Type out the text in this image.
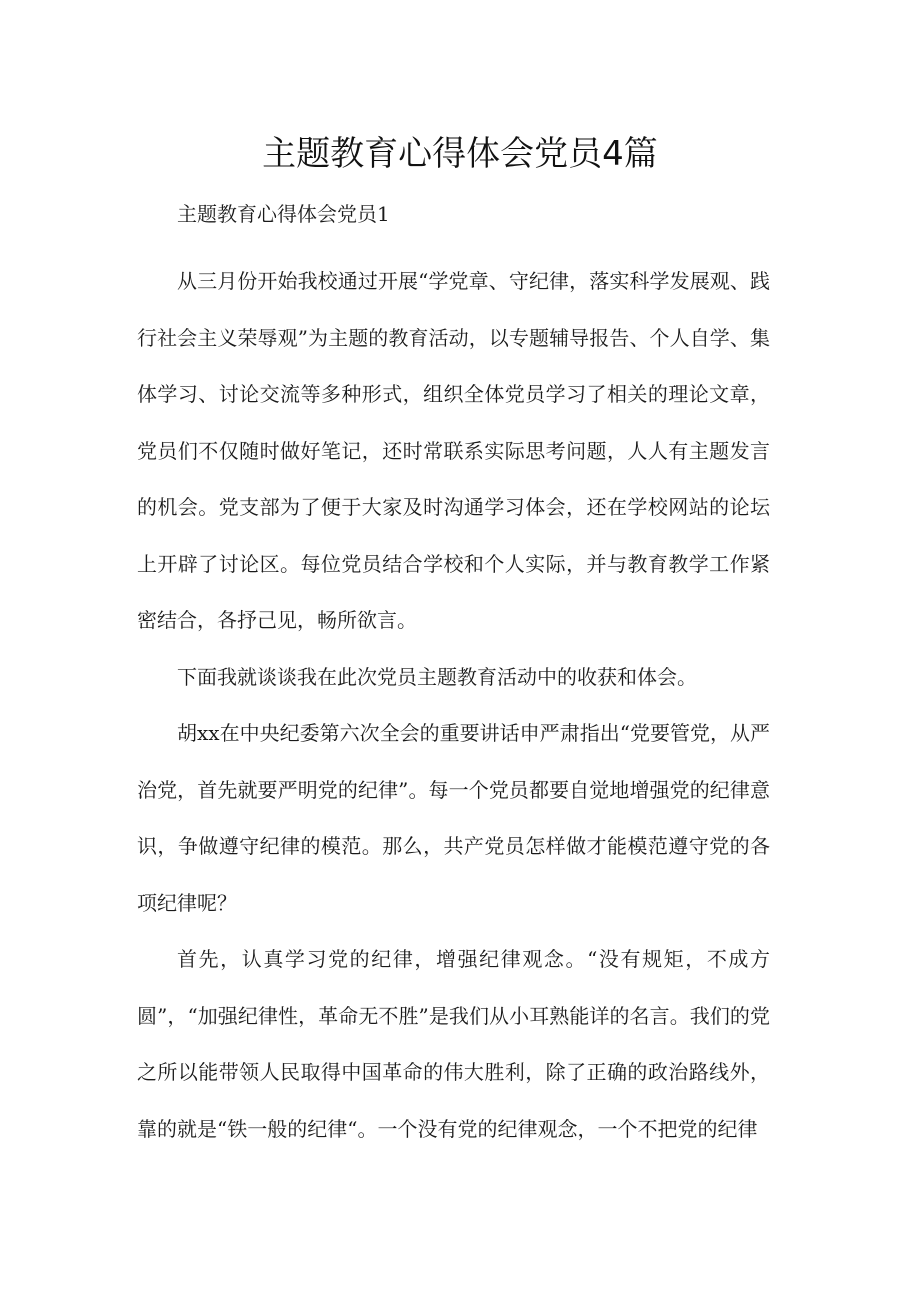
主题教育心得体会党员4篇

主题教育心得体会党员1

从三月份开始我校通过开展“学党章、守纪律，落实科学发展观、践行社会主义荣辱观”为主题的教育活动，以专题辅导报告、个人自学、集体学习、讨论交流等多种形式，组织全体党员学习了相关的理论文章，党员们不仅随时做好笔记，还时常联系实际思考问题，人人有主题发言的机会。党支部为了便于大家及时沟通学习体会，还在学校网站的论坛上开辟了讨论区。每位党员结合学校和个人实际，并与教育教学工作紧密结合，各抒己见，畅所欲言。

下面我就谈谈我在此次党员主题教育活动中的收获和体会。

胡xx在中央纪委第六次全会的重要讲话申严肃指出“党要管党，从严治党，首先就要严明党的纪律”。每一个党员都要自觉地增强党的纪律意识，争做遵守纪律的模范。那么，共产党员怎样做才能模范遵守党的各项纪律呢？

首先，认真学习党的纪律，增强纪律观念。“没有规矩，不成方圆”，“加强纪律性，革命无不胜”是我们从小耳熟能详的名言。我们的党之所以能带领人民取得中国革命的伟大胜利，除了正确的政治路线外，靠的就是“铁一般的纪律“。一个没有党的纪律观念，一个不把党的纪律
